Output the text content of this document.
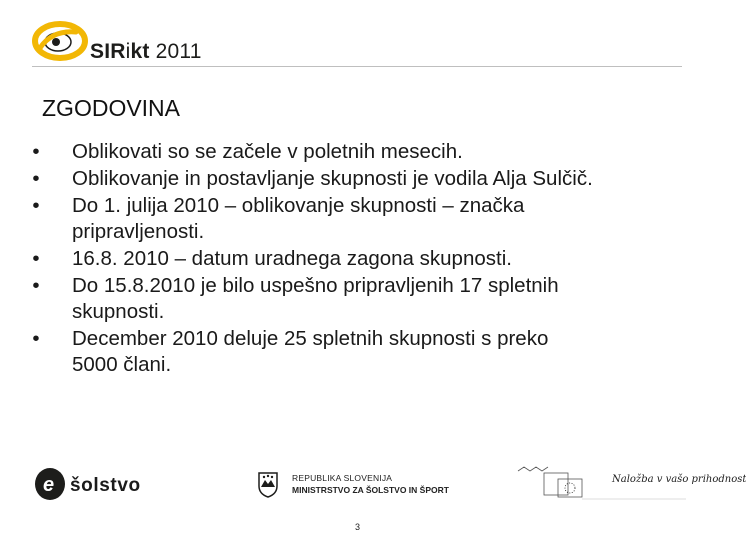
SIRikt 2011
ZGODOVINA
• Oblikovati so se začele v poletnih mesecih.
• Oblikovanje in postavljanje skupnosti je vodila Alja Sulčič.
• Do 1. julija 2010 – oblikovanje skupnosti – značka
pripravljenosti.
• 16.8. 2010 – datum uradnega zagona skupnosti.
• Do 15.8.2010 je bilo uspešno pripravljenih 17 spletnih
skupnosti.
• December 2010 deluje 25 spletnih skupnosti s preko
5000 člani.
e šolstvo	REPUBLIKA SLOVENIJA
MINISTRSTVO ZA ŠOLSTVO IN ŠPORT
Naložba v vašo prihodnost
3
